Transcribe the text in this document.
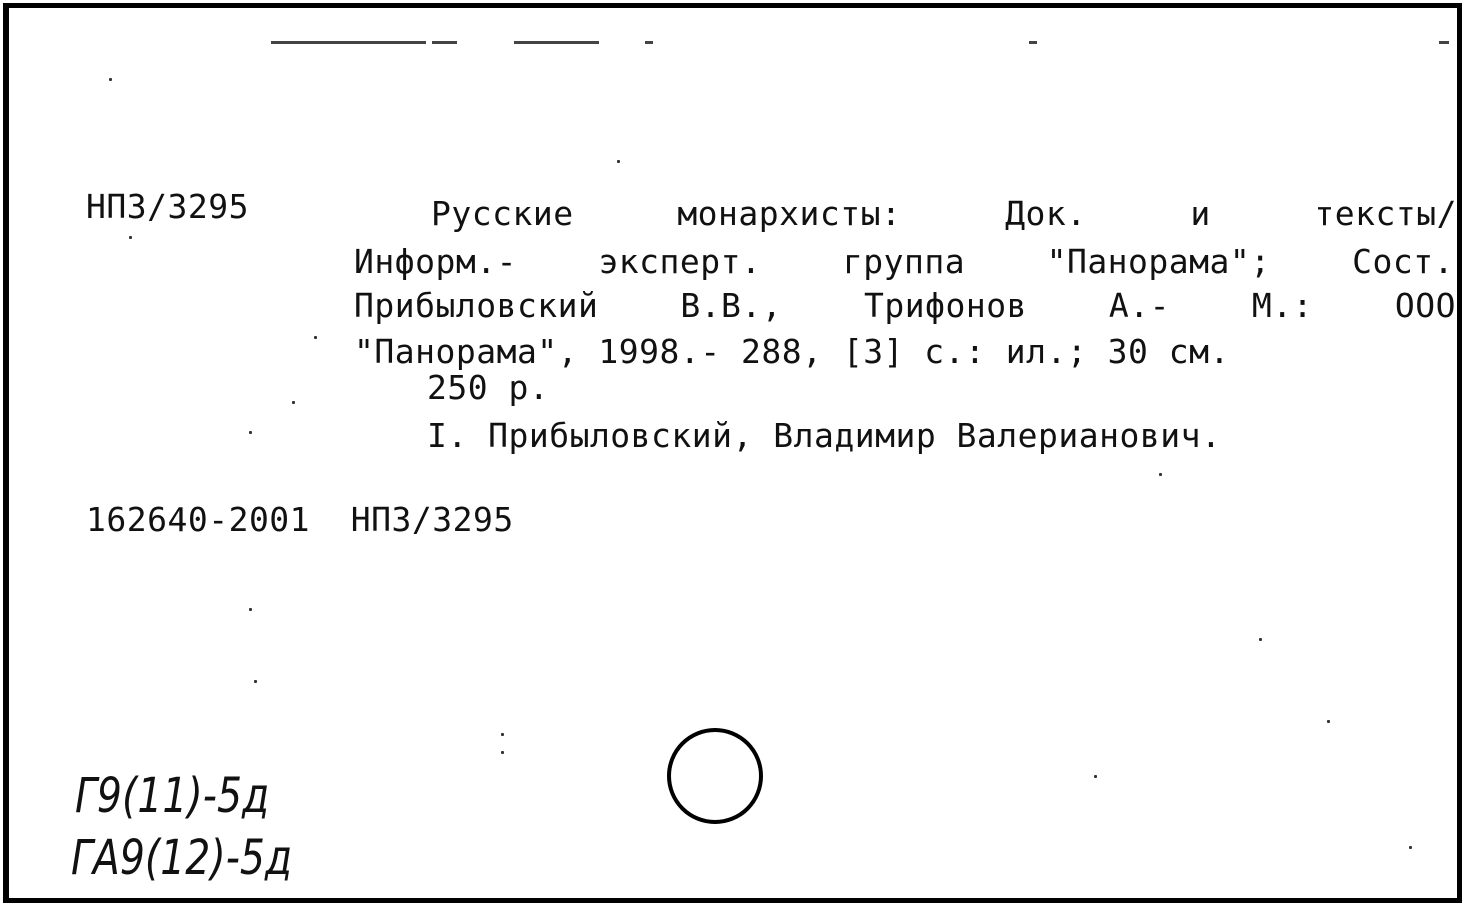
НПЗ/3295	Русские	монархисты:	Док.	и	тексты/
Информ.- эксперт. группа "Панорама"; Сост.
Прибыловский В.В., Трифонов А.- М.: ООО
"Панорама", 1998.- 288, [3] с.: ил.; 30 см.
250 р.
I. Прибыловский, Владимир Валерианович.
162640-2001  НПЗ/3295
Г9(11)-5д
ГА9(12)-5д
